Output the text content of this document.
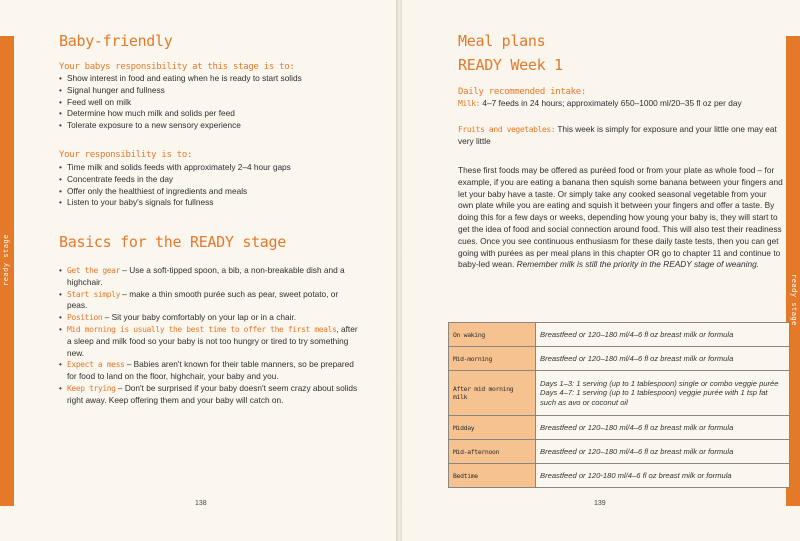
ready stage
Baby-friendly
Your babys responsibility at this stage is to:
• Show interest in food and eating when he is ready to start solids
• Signal hunger and fullness
• Feed well on milk
• Determine how much milk and solids per feed
• Tolerate exposure to a new sensory experience
Your responsibility is to:
• Time milk and solids feeds with approximately 2–4 hour gaps
• Concentrate feeds in the day
• Offer only the healthiest of ingredients and meals
• Listen to your baby's signals for fullness
Basics for the READY stage
• Get the gear – Use a soft-tipped spoon, a bib, a non-breakable dish and a highchair.
• Start simply – make a thin smooth purée such as pear, sweet potato, or peas.
• Position – Sit your baby comfortably on your lap or in a chair.
• Mid morning is usually the best time to offer the first meals, after a sleep and milk food so your baby is not too hungry or tired to try something new.
• Expect a mess – Babies aren't known for their table manners, so be prepared for food to land on the floor, highchair, your baby and you.
• Keep trying – Don't be surprised if your baby doesn't seem crazy about solids right away. Keep offering them and your baby will catch on.
138
ready stage
Meal plans
READY Week 1
Daily recommended intake:

Milk: 4–7 feeds in 24 hours; approximately 650–1000 ml/20–35 fl oz per day

Fruits and vegetables: This week is simply for exposure and your little one may eat very little

These first foods may be offered as puréed food or from your plate as whole food – for example, if you are eating a banana then squish some banana between your fingers and let your baby have a taste. Or simply take any cooked seasonal vegetable from your own plate while you are eating and squish it between your fingers and offer a taste. By doing this for a few days or weeks, depending how young your baby is, they will start to get the idea of food and social connection around food. This will also test their readiness cues. Once you see continuous enthusiasm for these daily taste tests, then you can get going with purées as per meal plans in this chapter OR go to chapter 11 and continue to baby-led wean. Remember milk is still the priority in the READY stage of weaning.

On waking	Breastfeed or 120–180 ml/4–6 fl oz breast milk or formula
Mid-morning	Breastfeed or 120–180 ml/4–6 fl oz breast milk or formula
After mid morning milk	Days 1–3: 1 serving (up to 1 tablespoon) single or combo veggie purée
Days 4–7: 1 serving (up to 1 tablespoon) veggie purée with 1 tsp fat such as avo or coconut oil

Midday	Breastfeed or 120–180 ml/4–6 fl oz breast milk or formula
Mid-afternoon	Breastfeed or 120–180 ml/4–6 fl oz breast milk or formula
Bedtime	Breastfeed or 120-180 ml/4–6 fl oz breast milk or formula
139
